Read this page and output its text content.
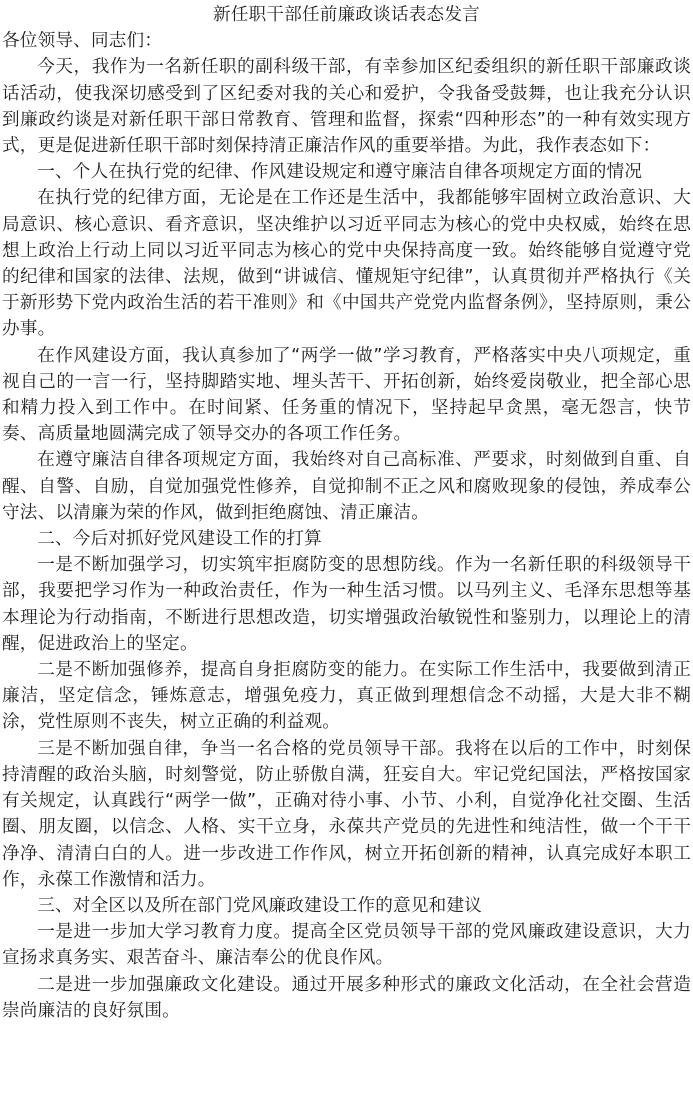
新任职干部任前廉政谈话表态发言
各位领导、同志们：
今天，我作为一名新任职的副科级干部，有幸参加区纪委组织的新任职干部廉政谈话活动，使我深切感受到了区纪委对我的关心和爱护，令我备受鼓舞，也让我充分认识到廉政约谈是对新任职干部日常教育、管理和监督，探索“四种形态”的一种有效实现方式，更是促进新任职干部时刻保持清正廉洁作风的重要举措。为此，我作表态如下：
一、个人在执行党的纪律、作风建设规定和遵守廉洁自律各项规定方面的情况
在执行党的纪律方面，无论是在工作还是生活中，我都能够牢固树立政治意识、大局意识、核心意识、看齐意识，坚决维护以习近平同志为核心的党中央权威，始终在思想上政治上行动上同以习近平同志为核心的党中央保持高度一致。始终能够自觉遵守党的纪律和国家的法律、法规，做到“讲诚信、懂规矩守纪律”，认真贯彻并严格执行《关于新形势下党内政治生活的若干准则》和《中国共产党党内监督条例》，坚持原则，秉公办事。
在作风建设方面，我认真参加了“两学一做”学习教育，严格落实中央八项规定，重视自己的一言一行，坚持脚踏实地、埋头苦干、开拓创新，始终爱岗敬业，把全部心思和精力投入到工作中。在时间紧、任务重的情况下，坚持起早贪黑，毫无怨言，快节奏、高质量地圆满完成了领导交办的各项工作任务。
在遵守廉洁自律各项规定方面，我始终对自己高标准、严要求，时刻做到自重、自醒、自警、自励，自觉加强党性修养，自觉抑制不正之风和腐败现象的侵蚀，养成奉公守法、以清廉为荣的作风，做到拒绝腐蚀、清正廉洁。
二、今后对抓好党风建设工作的打算
一是不断加强学习，切实筑牢拒腐防变的思想防线。作为一名新任职的科级领导干部，我要把学习作为一种政治责任，作为一种生活习惯。以马列主义、毛泽东思想等基本理论为行动指南，不断进行思想改造，切实增强政治敏锐性和鉴别力，以理论上的清醒，促进政治上的坚定。
二是不断加强修养，提高自身拒腐防变的能力。在实际工作生活中，我要做到清正廉洁，坚定信念，锤炼意志，增强免疫力，真正做到理想信念不动摇，大是大非不糊涂，党性原则不丧失，树立正确的利益观。
三是不断加强自律，争当一名合格的党员领导干部。我将在以后的工作中，时刻保持清醒的政治头脑，时刻警觉，防止骄傲自满，狂妄自大。牢记党纪国法，严格按国家有关规定，认真践行“两学一做”，正确对待小事、小节、小利，自觉净化社交圈、生活圈、朋友圈，以信念、人格、实干立身，永葆共产党员的先进性和纯洁性，做一个干干净净、清清白白的人。进一步改进工作作风，树立开拓创新的精神，认真完成好本职工作，永葆工作激情和活力。
三、对全区以及所在部门党风廉政建设工作的意见和建议
一是进一步加大学习教育力度。提高全区党员领导干部的党风廉政建设意识，大力宣扬求真务实、艰苦奋斗、廉洁奉公的优良作风。
二是进一步加强廉政文化建设。通过开展多种形式的廉政文化活动，在全社会营造 崇尚廉洁的良好氛围。
